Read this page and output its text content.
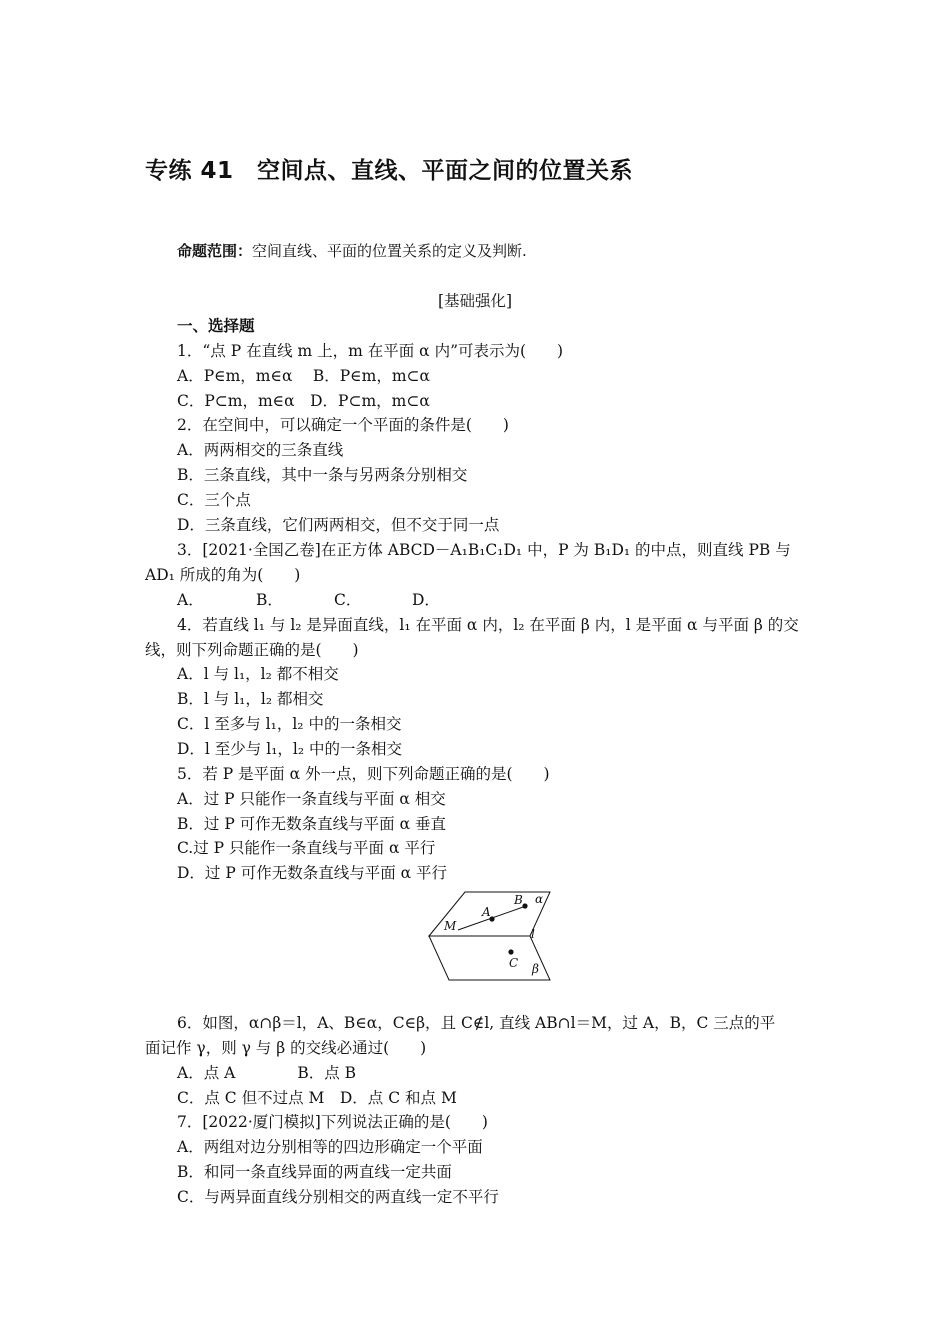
专练 41　空间点、直线、平面之间的位置关系
命题范围：空间直线、平面的位置关系的定义及判断.
[基础强化]
一、选择题
1．“点 P 在直线 m 上，m 在平面 α 内”可表示为(　　)
A．P∈m，m∈α　 B．P∈m，m⊂α
C．P⊂m，m∈α　D．P⊂m，m⊂α
2．在空间中，可以确定一个平面的条件是(　　)
A．两两相交的三条直线
B．三条直线，其中一条与另两条分别相交
C．三个点
D．三条直线，它们两两相交，但不交于同一点
3．[2021·全国乙卷]在正方体 ABCD－A₁B₁C₁D₁ 中，P 为 B₁D₁ 的中点，则直线 PB 与
AD₁ 所成的角为(　　)
A．	B．	C．	D．
4．若直线 l₁ 与 l₂ 是异面直线，l₁ 在平面 α 内，l₂ 在平面 β 内，l 是平面 α 与平面 β 的交
线，则下列命题正确的是(　　)
A．l 与 l₁，l₂ 都不相交
B．l 与 l₁，l₂ 都相交
C．l 至多与 l₁，l₂ 中的一条相交
D．l 至少与 l₁，l₂ 中的一条相交
5．若 P 是平面 α 外一点，则下列命题正确的是(　　)
A．过 P 只能作一条直线与平面 α 相交
B．过 P 可作无数条直线与平面 α 垂直
C.过 P 只能作一条直线与平面 α 平行
D．过 P 可作无数条直线与平面 α 平行
M
A
B α
l
C β
6．如图，α∩β＝l，A、B∈α，C∈β，且 C∉l, 直线 AB∩l＝M，过 A，B，C 三点的平
面记作 γ，则 γ 与 β 的交线必通过(　　)
A．点 A　　　　B．点 B
C．点 C 但不过点 M　D．点 C 和点 M
7．[2022·厦门模拟]下列说法正确的是(　　)
A．两组对边分别相等的四边形确定一个平面
B．和同一条直线异面的两直线一定共面
C．与两异面直线分别相交的两直线一定不平行
